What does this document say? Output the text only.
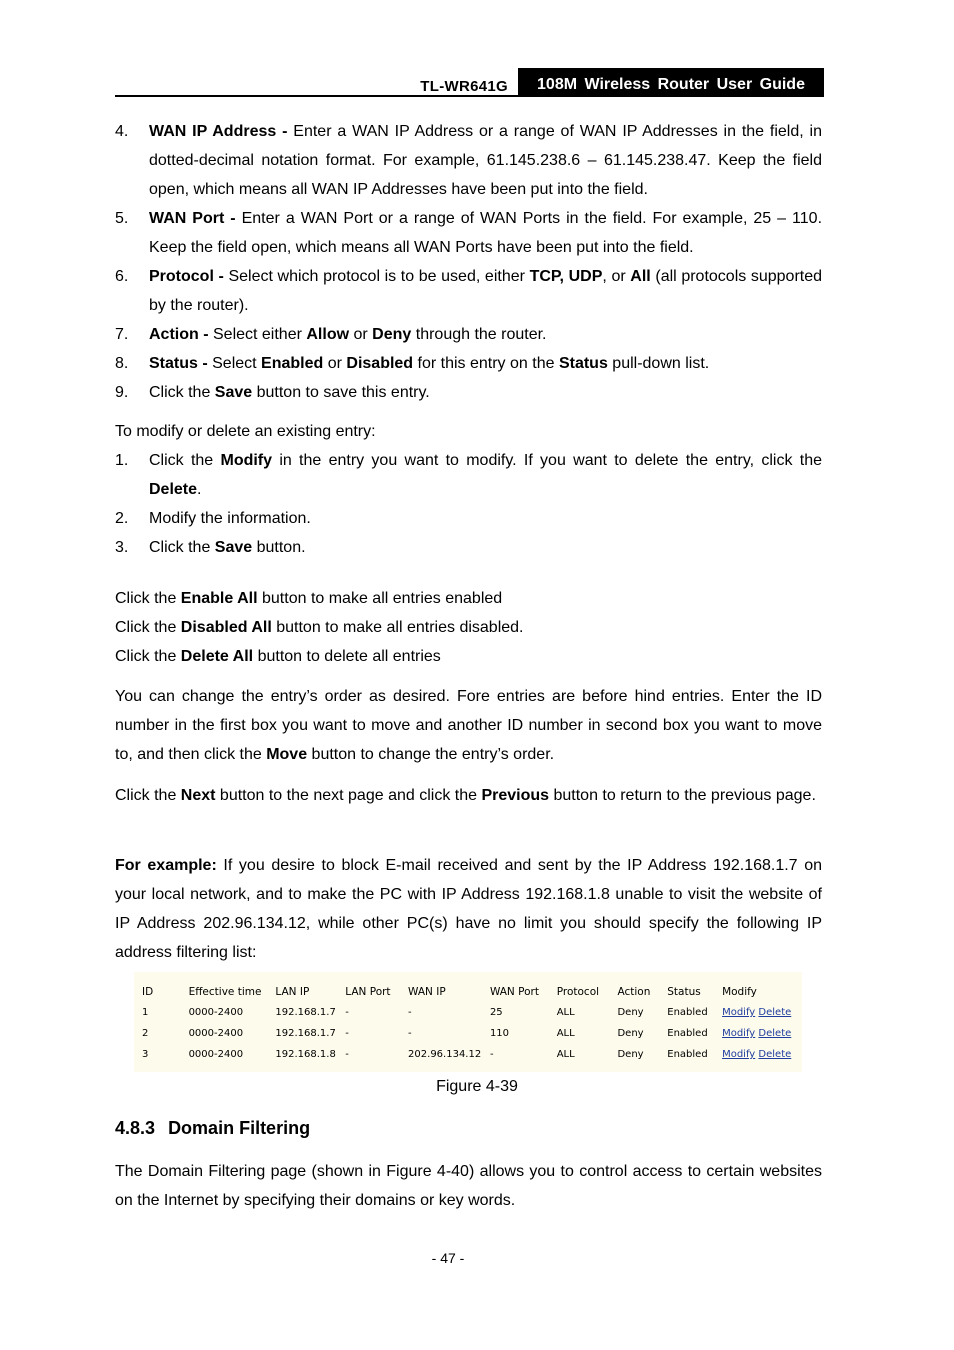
TL-WR641G	108M Wireless Router User Guide
4. WAN IP Address - Enter a WAN IP Address or a range of WAN IP Addresses in the field, in dotted-decimal notation format. For example, 61.145.238.6 – 61.145.238.47. Keep the field open, which means all WAN IP Addresses have been put into the field.
5. WAN Port - Enter a WAN Port or a range of WAN Ports in the field. For example, 25 – 110. Keep the field open, which means all WAN Ports have been put into the field.
6. Protocol - Select which protocol is to be used, either TCP, UDP, or All (all protocols supported by the router).
7. Action - Select either Allow or Deny through the router.
8. Status - Select Enabled or Disabled for this entry on the Status pull-down list.
9. Click the Save button to save this entry.
To modify or delete an existing entry:
1. Click the Modify in the entry you want to modify. If you want to delete the entry, click the Delete.
2. Modify the information.
3. Click the Save button.
Click the Enable All button to make all entries enabled
Click the Disabled All button to make all entries disabled.
Click the Delete All button to delete all entries
You can change the entry’s order as desired. Fore entries are before hind entries. Enter the ID number in the first box you want to move and another ID number in second box you want to move to, and then click the Move button to change the entry’s order.
Click the Next button to the next page and click the Previous button to return to the previous page.
For example: If you desire to block E-mail received and sent by the IP Address 192.168.1.7 on your local network, and to make the PC with IP Address 192.168.1.8 unable to visit the website of IP Address 202.96.134.12, while other PC(s) have no limit you should specify the following IP address filtering list:
ID	Effective time	LAN IP	LAN Port	WAN IP	WAN Port	Protocol	Action	Status	Modify
1	0000-2400	192.168.1.7	-	-	25	ALL	Deny	Enabled	Modify Delete
2	0000-2400	192.168.1.7	-	-	110	ALL	Deny	Enabled	Modify Delete
3	0000-2400	192.168.1.8	-	202.96.134.12	-	ALL	Deny	Enabled	Modify Delete
Figure 4-39
4.8.3 Domain Filtering
The Domain Filtering page (shown in Figure 4-40) allows you to control access to certain websites on the Internet by specifying their domains or key words.
- 47 -
